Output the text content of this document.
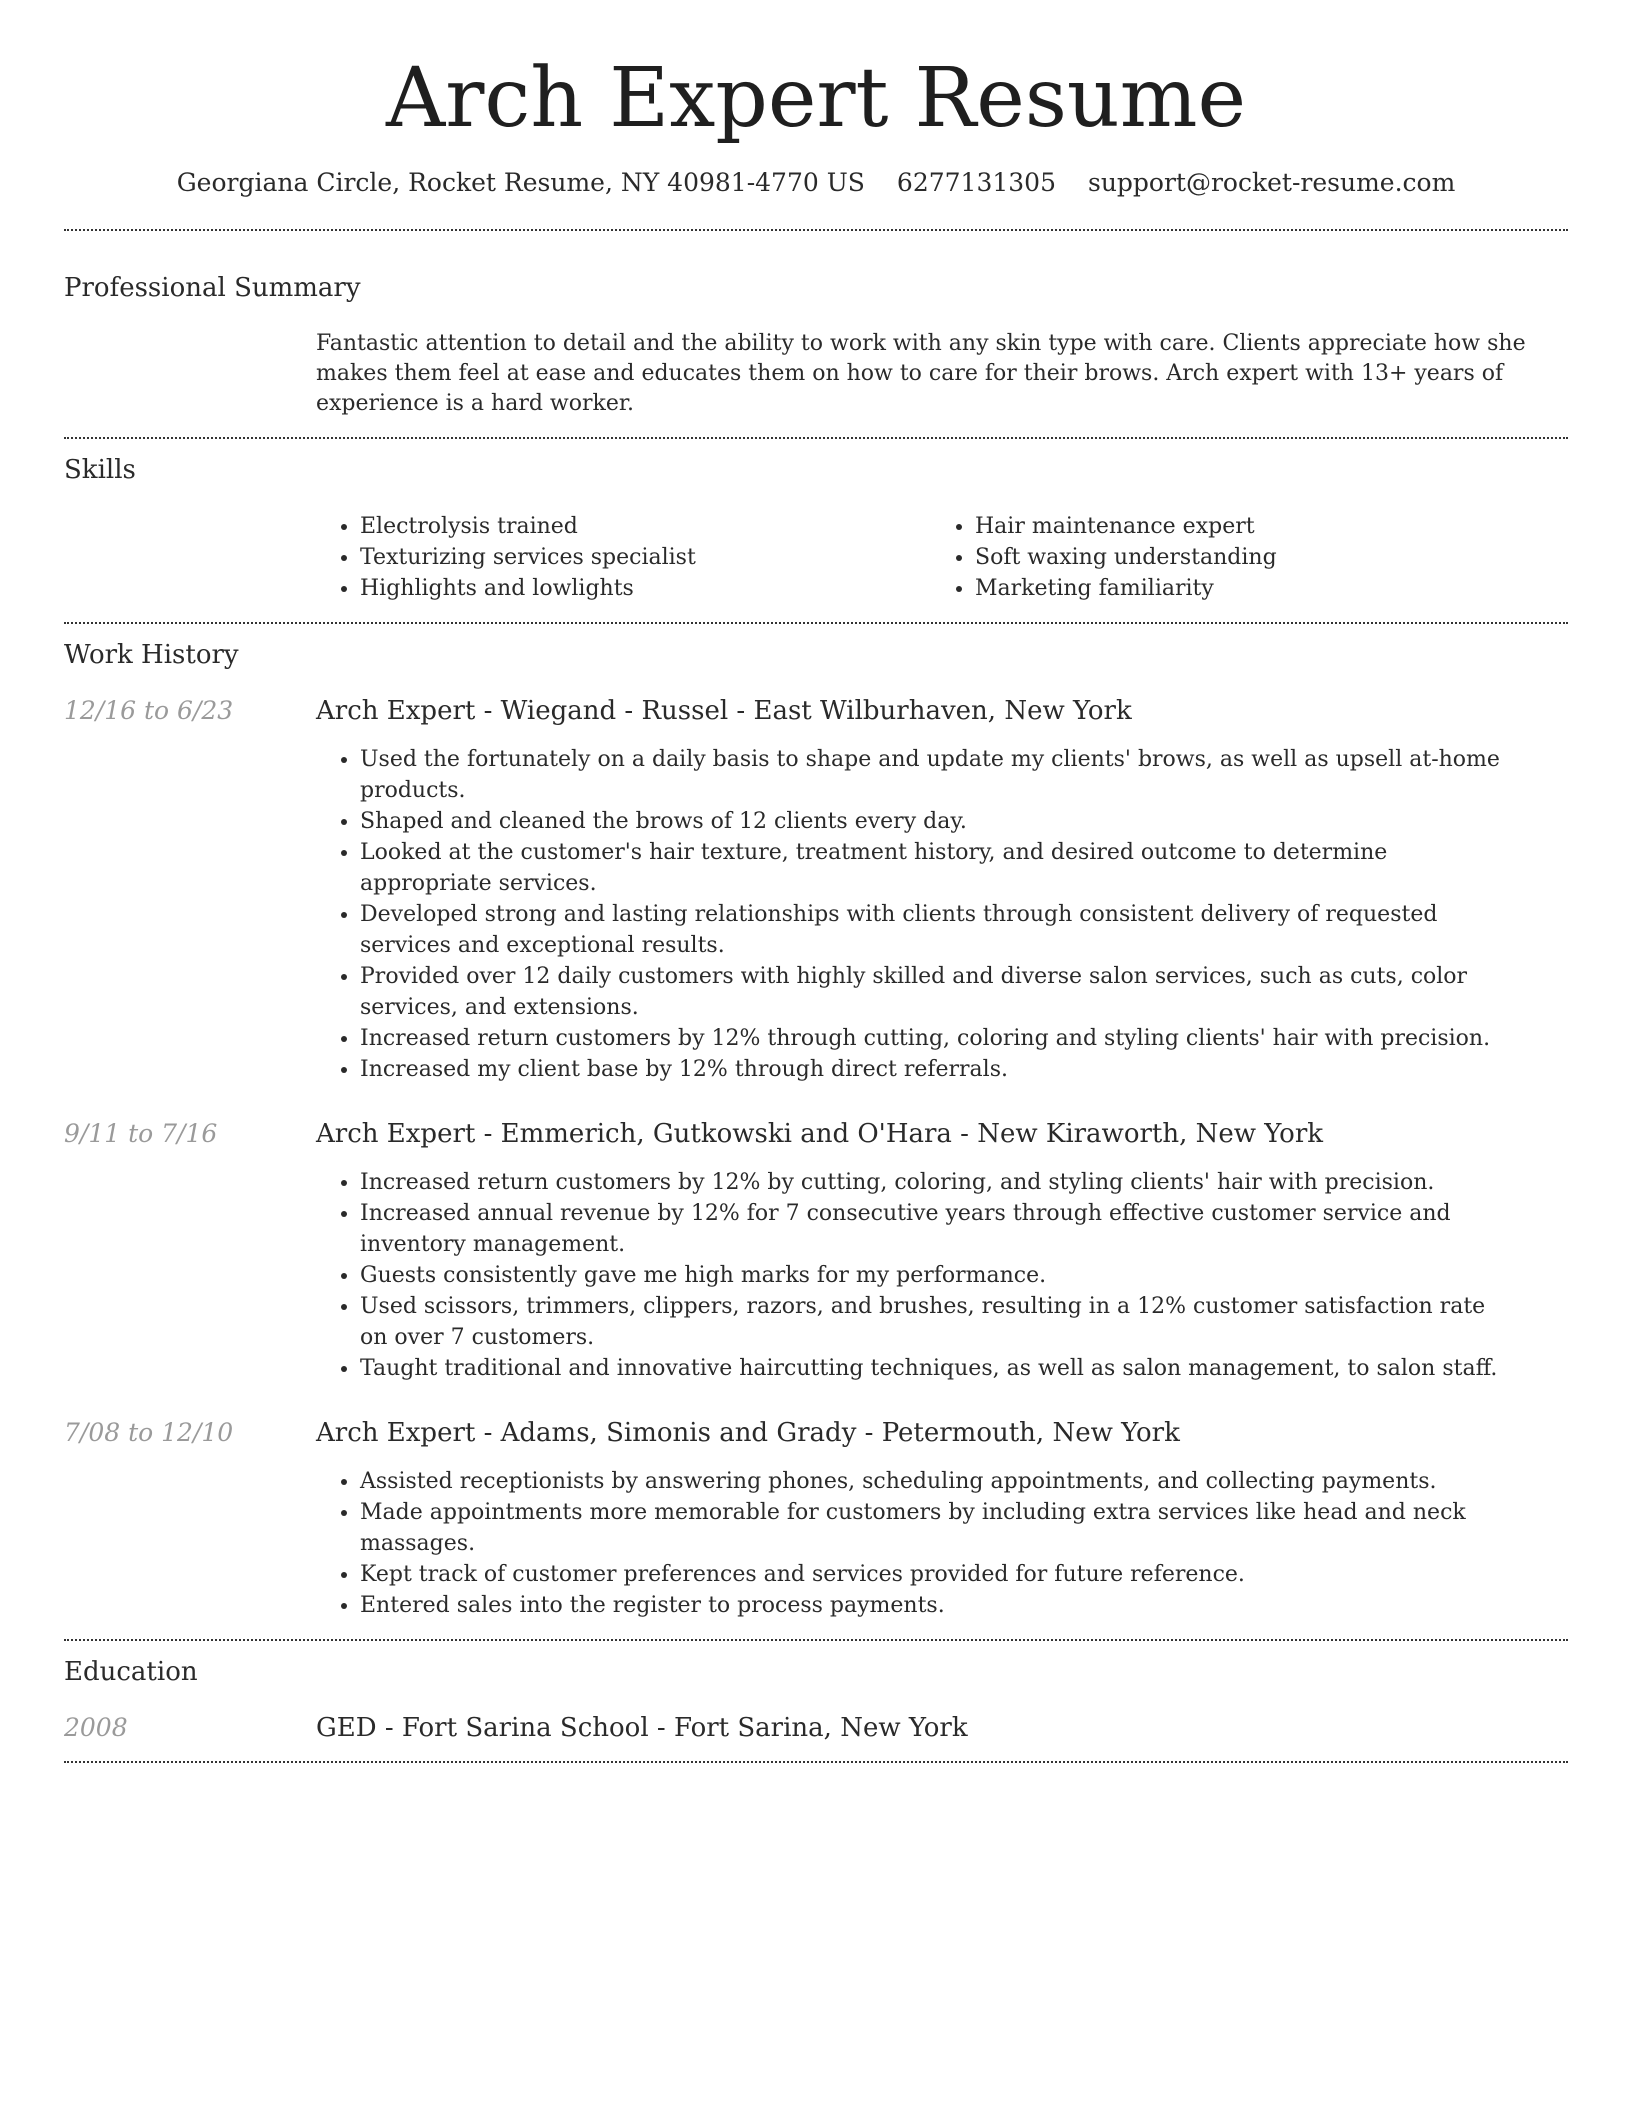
Arch Expert Resume
Georgiana Circle, Rocket Resume, NY 40981-4770 US 6277131305 support@rocket-resume.com
Professional Summary

Fantastic attention to detail and the ability to work with any skin type with care. Clients appreciate how she makes them feel at ease and educates them on how to care for their brows. Arch expert with 13+ years of experience is a hard worker.

Skills
• Electrolysis trained
• Texturizing services specialist
• Highlights and lowlights
• Hair maintenance expert
• Soft waxing understanding
• Marketing familiarity
Work History
12/16 to 6/23	Arch Expert - Wiegand - Russel - East Wilburhaven, New York
• Used the fortunately on a daily basis to shape and update my clients' brows, as well as upsell at-home products.
• Shaped and cleaned the brows of 12 clients every day.
• Looked at the customer's hair texture, treatment history, and desired outcome to determine appropriate services.
• Developed strong and lasting relationships with clients through consistent delivery of requested services and exceptional results.
• Provided over 12 daily customers with highly skilled and diverse salon services, such as cuts, color services, and extensions.
• Increased return customers by 12% through cutting, coloring and styling clients' hair with precision.
• Increased my client base by 12% through direct referrals.
9/11 to 7/16	Arch Expert - Emmerich, Gutkowski and O'Hara - New Kiraworth, New York
• Increased return customers by 12% by cutting, coloring, and styling clients' hair with precision.
• Increased annual revenue by 12% for 7 consecutive years through effective customer service and inventory management.
• Guests consistently gave me high marks for my performance.
• Used scissors, trimmers, clippers, razors, and brushes, resulting in a 12% customer satisfaction rate on over 7 customers.
• Taught traditional and innovative haircutting techniques, as well as salon management, to salon staff.
7/08 to 12/10	Arch Expert - Adams, Simonis and Grady - Petermouth, New York
• Assisted receptionists by answering phones, scheduling appointments, and collecting payments.
• Made appointments more memorable for customers by including extra services like head and neck massages.
• Kept track of customer preferences and services provided for future reference.
• Entered sales into the register to process payments.
Education
2008	GED - Fort Sarina School - Fort Sarina, New York
